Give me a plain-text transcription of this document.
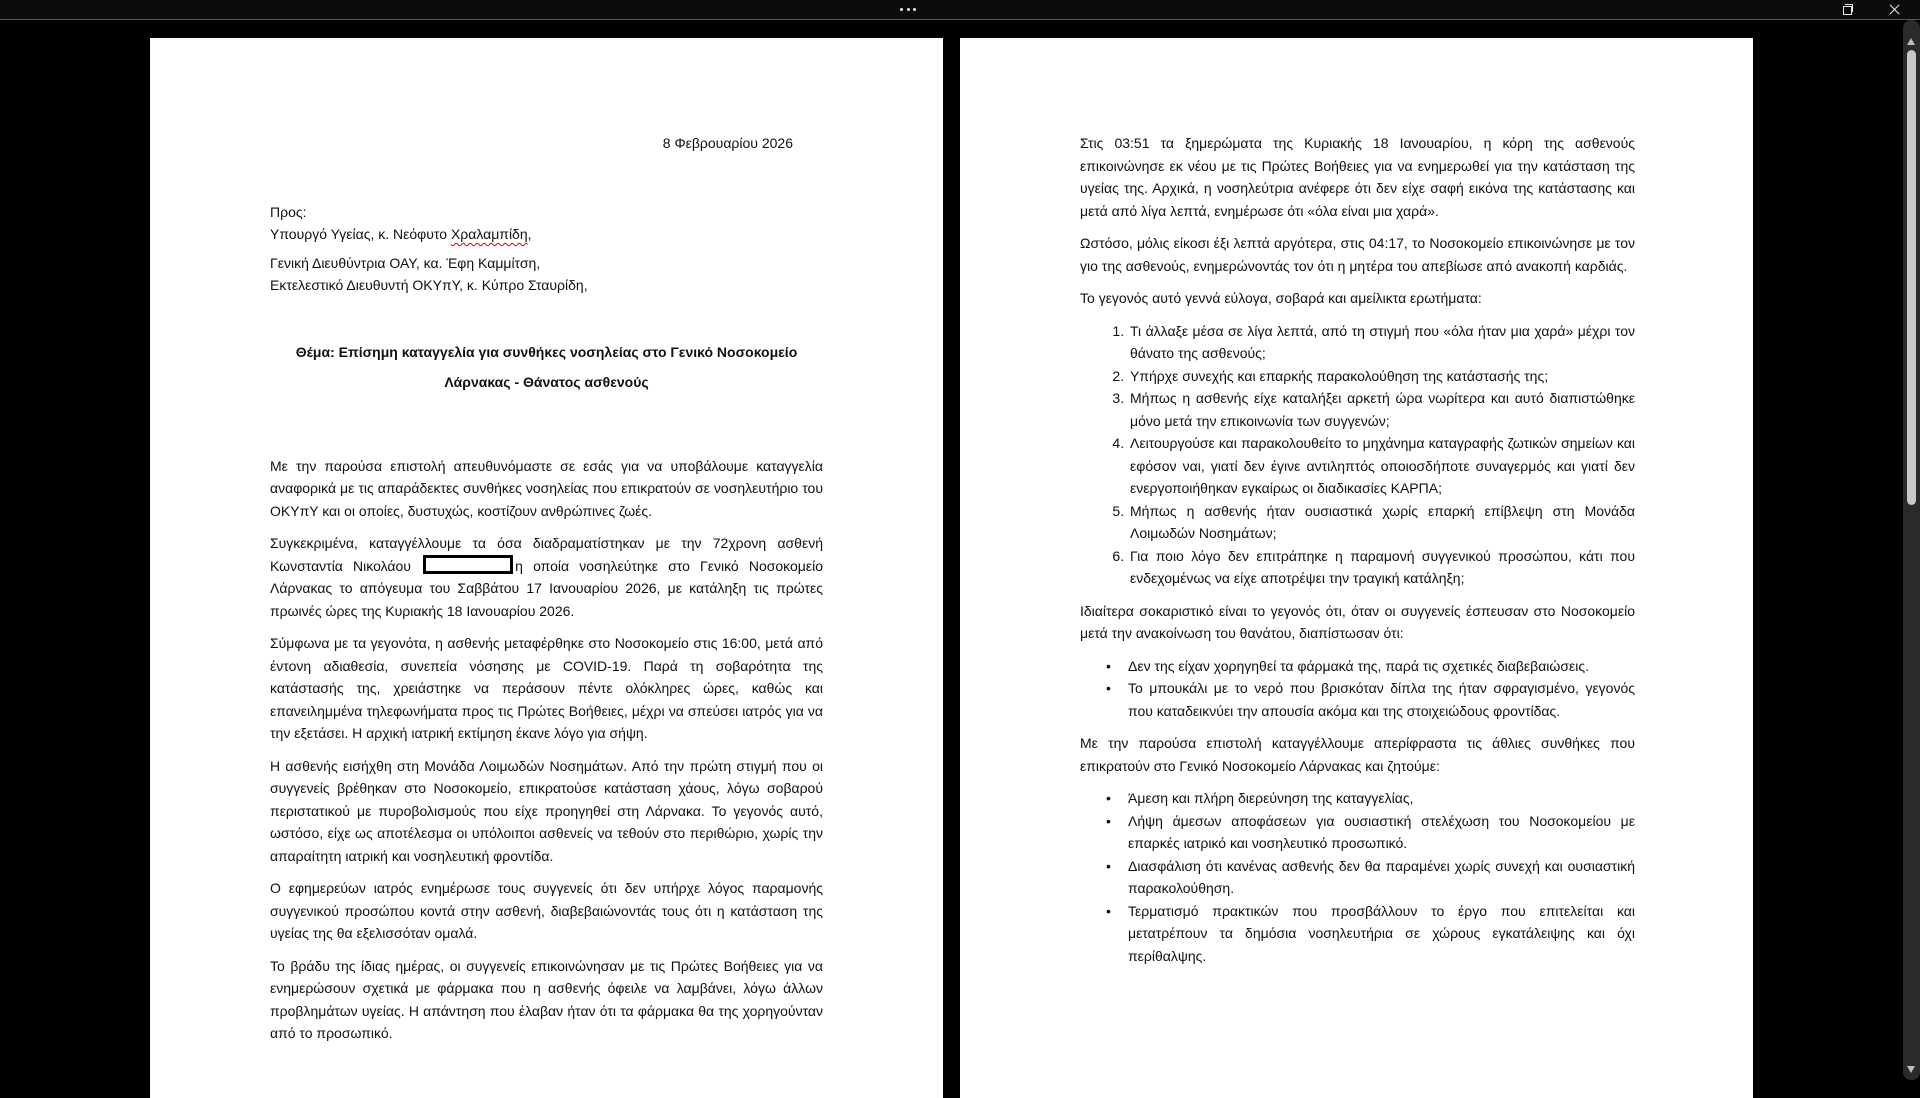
8 Φεβρουαρίου 2026

Προς:

Υπουργό Υγείας, κ. Νεόφυτο Χραλαμπίδη,

Γενική Διευθύντρια ΟΑΥ, κα. Έφη Καμμίτση,

Εκτελεστικό Διευθυντή ΟΚΥπΥ, κ. Κύπρο Σταυρίδη,

Θέμα: Επίσημη καταγγελία για συνθήκες νοσηλείας στο Γενικό Νοσοκομείο

Λάρνακας - Θάνατος ασθενούς

Με την παρούσα επιστολή απευθυνόμαστε σε εσάς για να υποβάλουμε καταγγελία αναφορικά με τις απαράδεκτες συνθήκες νοσηλείας που επικρατούν σε νοσηλευτήριο του ΟΚΥπΥ και οι οποίες, δυστυχώς, κοστίζουν ανθρώπινες ζωές.

Συγκεκριμένα, καταγγέλλουμε τα όσα διαδραματίστηκαν με την 72χρονη ασθενή Κωνσταντία Νικολάου	η οποία νοσηλεύτηκε στο Γενικό Νοσοκομείο Λάρνακας το απόγευμα του Σαββάτου 17 Ιανουαρίου 2026, με κατάληξη τις πρώτες πρωινές ώρες της Κυριακής 18 Ιανουαρίου 2026.

Σύμφωνα με τα γεγονότα, η ασθενής μεταφέρθηκε στο Νοσοκομείο στις 16:00, μετά από έντονη αδιαθεσία, συνεπεία νόσησης με COVID-19. Παρά τη σοβαρότητα της κατάστασής της, χρειάστηκε να περάσουν πέντε ολόκληρες ώρες, καθώς και επανειλημμένα τηλεφωνήματα προς τις Πρώτες Βοήθειες, μέχρι να σπεύσει ιατρός για να την εξετάσει. Η αρχική ιατρική εκτίμηση έκανε λόγο για σήψη.

Η ασθενής εισήχθη στη Μονάδα Λοιμωδών Νοσημάτων. Από την πρώτη στιγμή που οι συγγενείς βρέθηκαν στο Νοσοκομείο, επικρατούσε κατάσταση χάους, λόγω σοβαρού περιστατικού με πυροβολισμούς που είχε προηγηθεί στη Λάρνακα. Το γεγονός αυτό, ωστόσο, είχε ως αποτέλεσμα οι υπόλοιποι ασθενείς να τεθούν στο περιθώριο, χωρίς την απαραίτητη ιατρική και νοσηλευτική φροντίδα.

Ο εφημερεύων ιατρός ενημέρωσε τους συγγενείς ότι δεν υπήρχε λόγος παραμονής συγγενικού προσώπου κοντά στην ασθενή, διαβεβαιώνοντάς τους ότι η κατάσταση της υγείας της θα εξελισσόταν ομαλά.

Το βράδυ της ίδιας ημέρας, οι συγγενείς επικοινώνησαν με τις Πρώτες Βοήθειες για να ενημερώσουν σχετικά με φάρμακα που η ασθενής όφειλε να λαμβάνει, λόγω άλλων προβλημάτων υγείας. Η απάντηση που έλαβαν ήταν ότι τα φάρμακα θα της χορηγούνταν από το προσωπικό.

Στις 03:51 τα ξημερώματα της Κυριακής 18 Ιανουαρίου, η κόρη της ασθενούς επικοινώνησε εκ νέου με τις Πρώτες Βοήθειες για να ενημερωθεί για την κατάσταση της υγείας της. Αρχικά, η νοσηλεύτρια ανέφερε ότι δεν είχε σαφή εικόνα της κατάστασης και μετά από λίγα λεπτά, ενημέρωσε ότι «όλα είναι μια χαρά».

Ωστόσο, μόλις είκοσι έξι λεπτά αργότερα, στις 04:17, το Νοσοκομείο επικοινώνησε με τον γιο της ασθενούς, ενημερώνοντάς τον ότι η μητέρα του απεβίωσε από ανακοπή καρδιάς.

Το γεγονός αυτό γεννά εύλογα, σοβαρά και αμείλικτα ερωτήματα:

1. Τι άλλαξε μέσα σε λίγα λεπτά, από τη στιγμή που «όλα ήταν μια χαρά» μέχρι τον θάνατο της ασθενούς;
2. Υπήρχε συνεχής και επαρκής παρακολούθηση της κατάστασής της;
3. Μήπως η ασθενής είχε καταλήξει αρκετή ώρα νωρίτερα και αυτό διαπιστώθηκε μόνο μετά την επικοινωνία των συγγενών;
4. Λειτουργούσε και παρακολουθείτο το μηχάνημα καταγραφής ζωτικών σημείων και εφόσον ναι, γιατί δεν έγινε αντιληπτός οποιοσδήποτε συναγερμός και γιατί δεν ενεργοποιήθηκαν εγκαίρως οι διαδικασίες ΚΑΡΠΑ;
5. Μήπως η ασθενής ήταν ουσιαστικά χωρίς επαρκή επίβλεψη στη Μονάδα Λοιμωδών Νοσημάτων;
6. Για ποιο λόγο δεν επιτράπηκε η παραμονή συγγενικού προσώπου, κάτι που ενδεχομένως να είχε αποτρέψει την τραγική κατάληξη;

Ιδιαίτερα σοκαριστικό είναι το γεγονός ότι, όταν οι συγγενείς έσπευσαν στο Νοσοκομείο μετά την ανακοίνωση του θανάτου, διαπίστωσαν ότι:

• Δεν της είχαν χορηγηθεί τα φάρμακά της, παρά τις σχετικές διαβεβαιώσεις.
• Το μπουκάλι με το νερό που βρισκόταν δίπλα της ήταν σφραγισμένο, γεγονός που καταδεικνύει την απουσία ακόμα και της στοιχειώδους φροντίδας.

Με την παρούσα επιστολή καταγγέλλουμε απερίφραστα τις άθλιες συνθήκες που επικρατούν στο Γενικό Νοσοκομείο Λάρνακας και ζητούμε:

• Άμεση και πλήρη διερεύνηση της καταγγελίας,
• Λήψη άμεσων αποφάσεων για ουσιαστική στελέχωση του Νοσοκομείου με επαρκές ιατρικό και νοσηλευτικό προσωπικό.
• Διασφάλιση ότι κανένας ασθενής δεν θα παραμένει χωρίς συνεχή και ουσιαστική παρακολούθηση.
• Τερματισμό πρακτικών που προσβάλλουν το έργο που επιτελείται και μετατρέπουν τα δημόσια νοσηλευτήρια σε χώρους εγκατάλειψης και όχι περίθαλψης.
